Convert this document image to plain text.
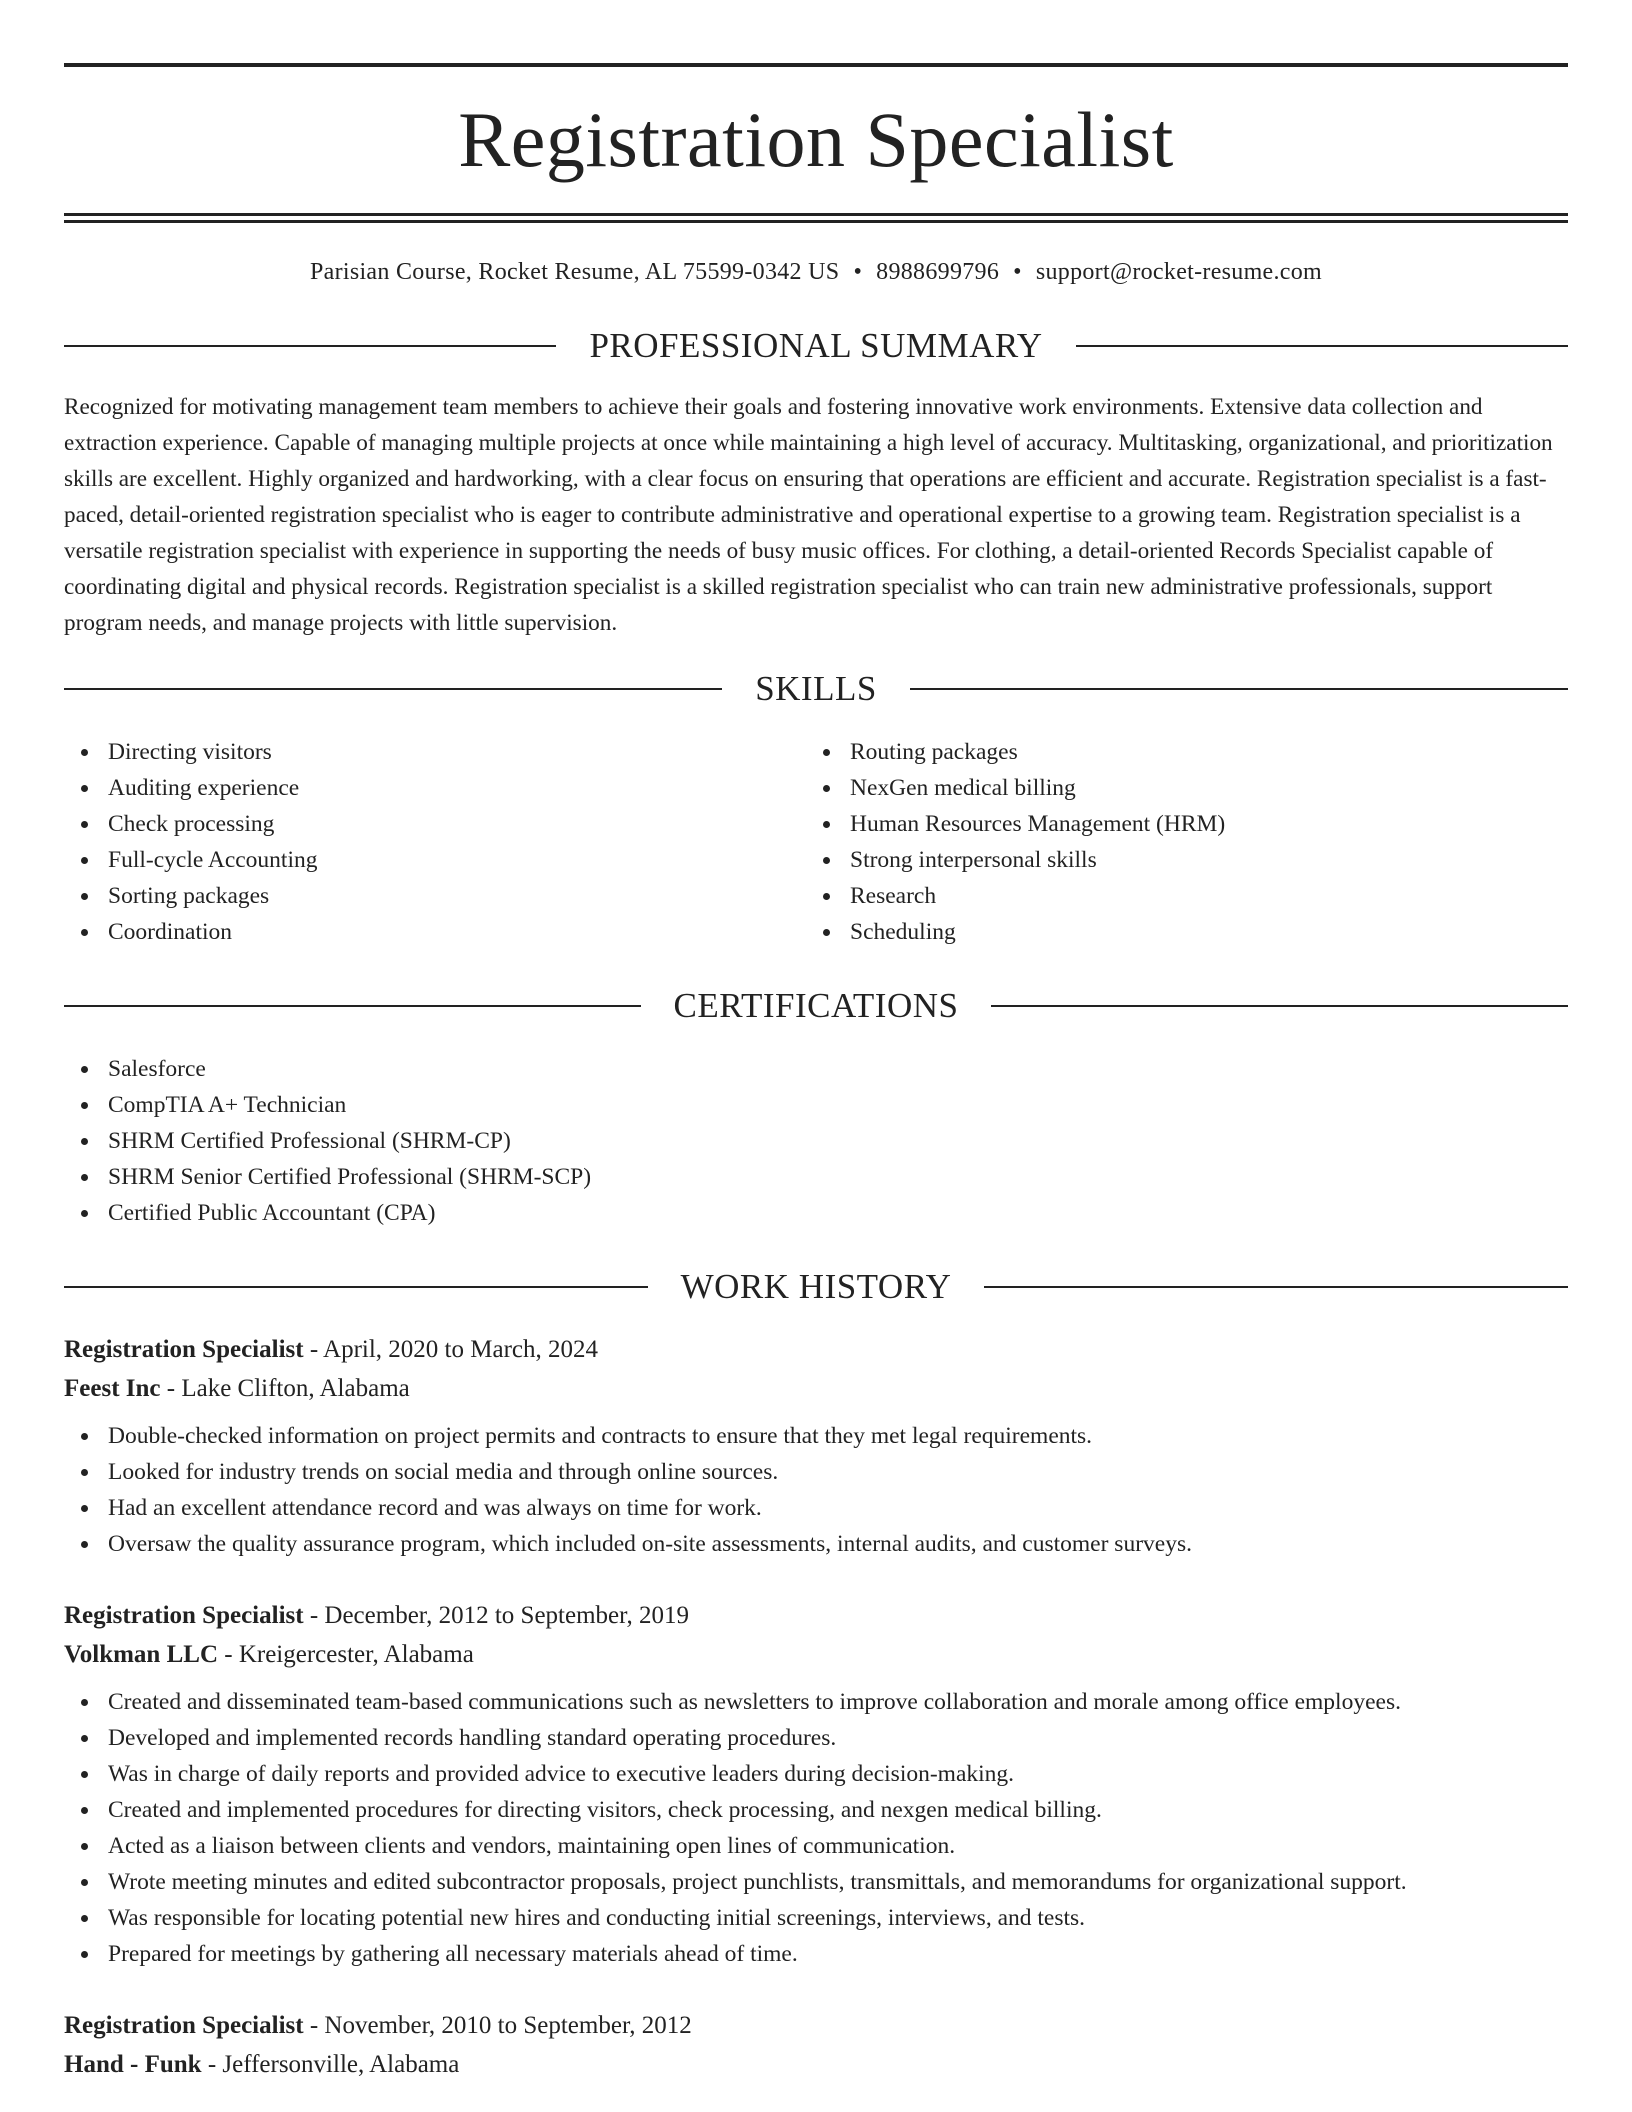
Registration Specialist
Parisian Course, Rocket Resume, AL 75599-0342 US • 8988699796 • support@rocket-resume.com
PROFESSIONAL SUMMARY
Recognized for motivating management team members to achieve their goals and fostering innovative work environments. Extensive data collection and extraction experience. Capable of managing multiple projects at once while maintaining a high level of accuracy. Multitasking, organizational, and prioritization skills are excellent. Highly organized and hardworking, with a clear focus on ensuring that operations are efficient and accurate. Registration specialist is a fast-paced, detail-oriented registration specialist who is eager to contribute administrative and operational expertise to a growing team. Registration specialist is a versatile registration specialist with experience in supporting the needs of busy music offices. For clothing, a detail-oriented Records Specialist capable of coordinating digital and physical records. Registration specialist is a skilled registration specialist who can train new administrative professionals, support program needs, and manage projects with little supervision.
SKILLS
Directing visitors
Auditing experience
Check processing
Full-cycle Accounting
Sorting packages
Coordination
Routing packages
NexGen medical billing
Human Resources Management (HRM)
Strong interpersonal skills
Research
Scheduling
CERTIFICATIONS
Salesforce
CompTIA A+ Technician
SHRM Certified Professional (SHRM-CP)
SHRM Senior Certified Professional (SHRM-SCP)
Certified Public Accountant (CPA)
WORK HISTORY
Registration Specialist - April, 2020 to March, 2024
Feest Inc - Lake Clifton, Alabama
Double-checked information on project permits and contracts to ensure that they met legal requirements.
Looked for industry trends on social media and through online sources.
Had an excellent attendance record and was always on time for work.
Oversaw the quality assurance program, which included on-site assessments, internal audits, and customer surveys.
Registration Specialist - December, 2012 to September, 2019
Volkman LLC - Kreigercester, Alabama
Created and disseminated team-based communications such as newsletters to improve collaboration and morale among office employees.
Developed and implemented records handling standard operating procedures.
Was in charge of daily reports and provided advice to executive leaders during decision-making.
Created and implemented procedures for directing visitors, check processing, and nexgen medical billing.
Acted as a liaison between clients and vendors, maintaining open lines of communication.
Wrote meeting minutes and edited subcontractor proposals, project punchlists, transmittals, and memorandums for organizational support.
Was responsible for locating potential new hires and conducting initial screenings, interviews, and tests.
Prepared for meetings by gathering all necessary materials ahead of time.
Registration Specialist - November, 2010 to September, 2012
Hand - Funk - Jeffersonville, Alabama
